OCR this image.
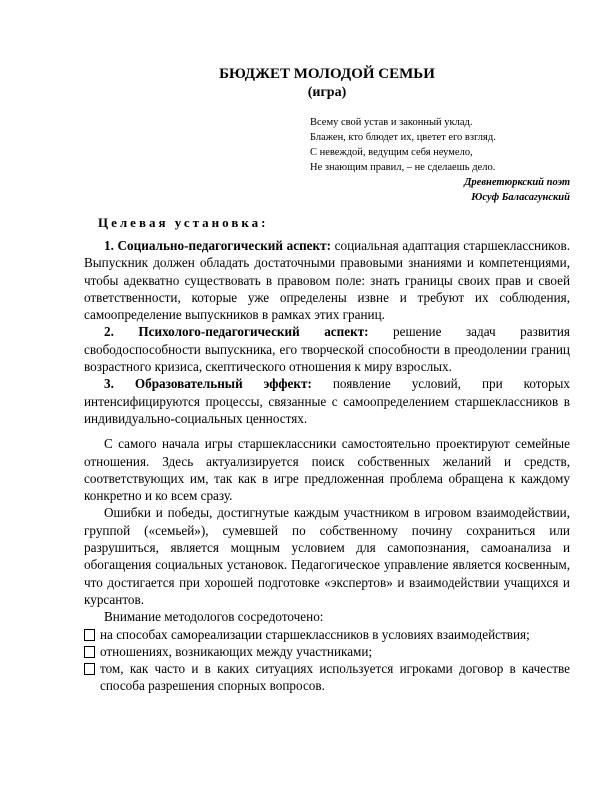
БЮДЖЕТ МОЛОДОЙ СЕМЬИ
(игра)
Всему свой устав и законный уклад.
Блажен, кто блюдет их, цветет его взгляд.
С невеждой, ведущим себя неумело,
Не знающим правил, – не сделаешь дело.
Древнетюркский поэт
Юсуф Баласагунский
Целевая установка:

1. Социально-педагогический аспект: социальная адаптация старшеклассников. Выпускник должен обладать достаточными правовыми знаниями и компетенциями, чтобы адекватно существовать в правовом поле: знать границы своих прав и своей ответственности, которые уже определены извне и требуют их соблюдения, самоопределение выпускников в рамках этих границ.

2. Психолого-педагогический аспект: решение задач развития свободоспособности выпускника, его творческой способности в преодолении границ возрастного кризиса, скептического отношения к миру взрослых.

3. Образовательный эффект: появление условий, при которых интенсифицируются процессы, связанные с самоопределением старшеклассников в индивидуально-социальных ценностях.

С самого начала игры старшеклассники самостоятельно проектируют семейные отношения. Здесь актуализируется поиск собственных желаний и средств, соответствующих им, так как в игре предложенная проблема обращена к каждому конкретно и ко всем сразу.

Ошибки и победы, достигнутые каждым участником в игровом взаимодействии, группой («семьей»), сумевшей по собственному почину сохраниться или разрушиться, является мощным условием для самопознания, самоанализа и обогащения социальных установок. Педагогическое управление является косвенным, что достигается при хорошей подготовке «экспертов» и взаимодействии учащихся и курсантов.

Внимание методологов сосредоточено:

на способах самореализации старшеклассников в условиях взаимодействия;
отношениях, возникающих между участниками;
том, как часто и в каких ситуациях используется игроками договор в качестве способа разрешения спорных вопросов.
